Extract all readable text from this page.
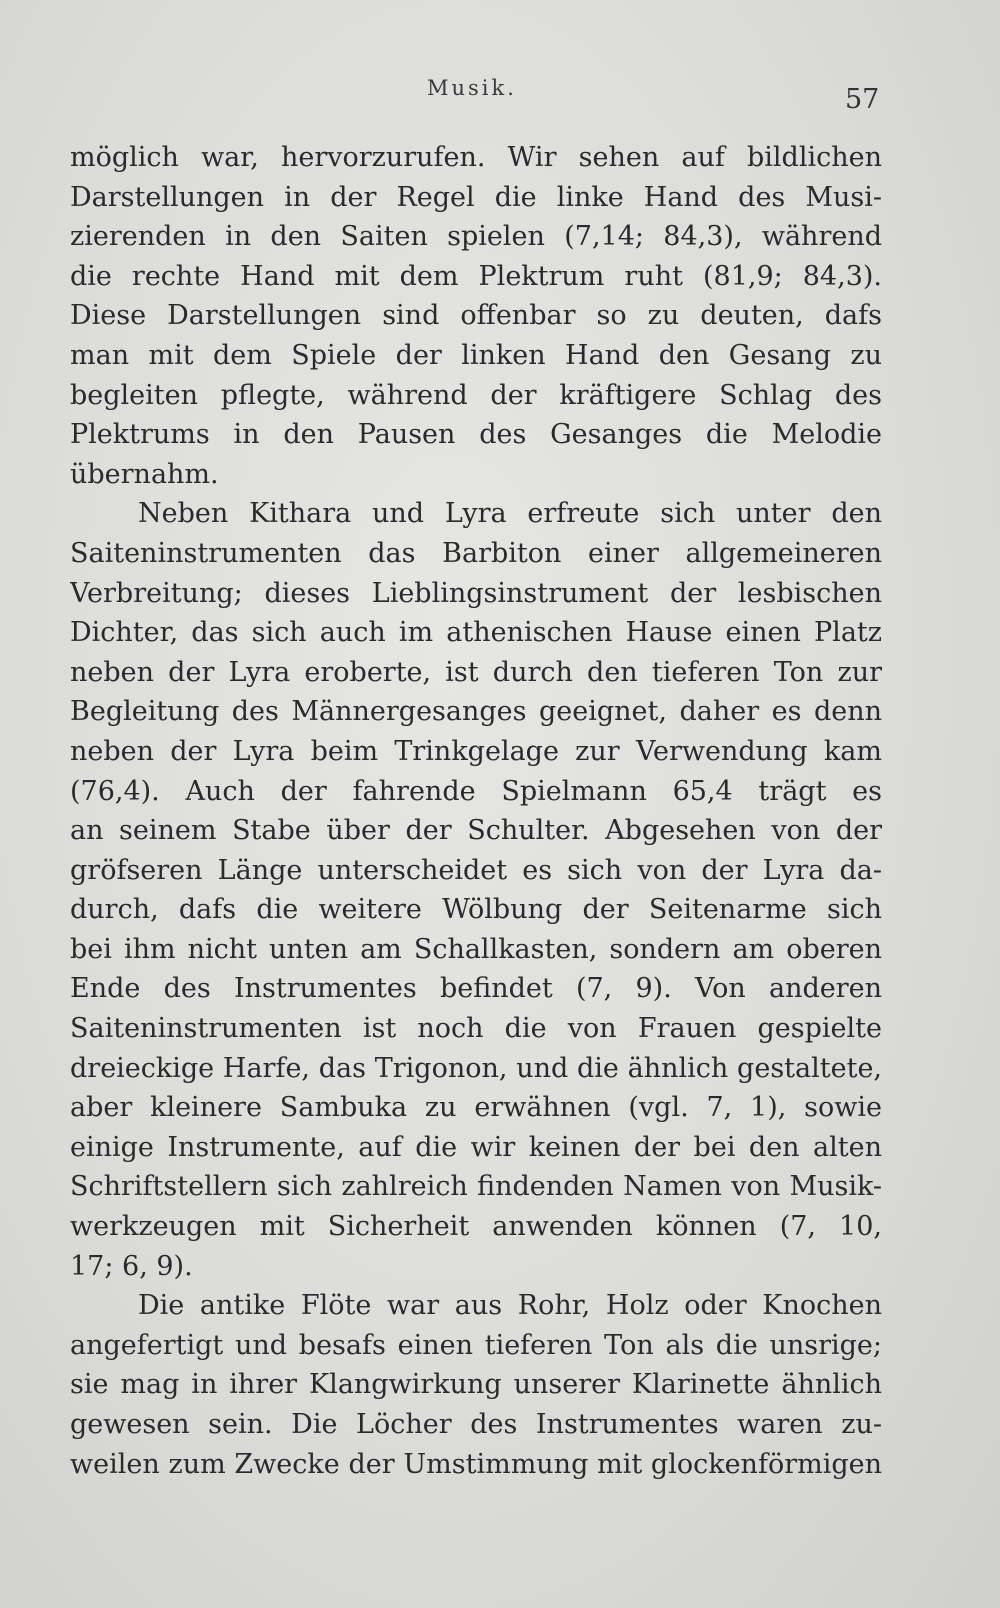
Musik.	57
möglich war, hervorzurufen. Wir sehen auf bildlichen
Darstellungen in der Regel die linke Hand des Musi-
zierenden in den Saiten spielen (7,14; 84,3), während
die rechte Hand mit dem Plektrum ruht (81,9; 84,3).
Diese Darstellungen sind offenbar so zu deuten, dafs
man mit dem Spiele der linken Hand den Gesang zu
begleiten pflegte, während der kräftigere Schlag des
Plektrums in den Pausen des Gesanges die Melodie
übernahm.
Neben Kithara und Lyra erfreute sich unter den
Saiteninstrumenten das Barbiton einer allgemeineren
Verbreitung; dieses Lieblingsinstrument der lesbischen
Dichter, das sich auch im athenischen Hause einen Platz
neben der Lyra eroberte, ist durch den tieferen Ton zur
Begleitung des Männergesanges geeignet, daher es denn
neben der Lyra beim Trinkgelage zur Verwendung kam
(76,4). Auch der fahrende Spielmann 65,4 trägt es
an seinem Stabe über der Schulter. Abgesehen von der
gröfseren Länge unterscheidet es sich von der Lyra da-
durch, dafs die weitere Wölbung der Seitenarme sich
bei ihm nicht unten am Schallkasten, sondern am oberen
Ende des Instrumentes befindet (7, 9). Von anderen
Saiteninstrumenten ist noch die von Frauen gespielte
dreieckige Harfe, das Trigonon, und die ähnlich gestaltete,
aber kleinere Sambuka zu erwähnen (vgl. 7, 1), sowie
einige Instrumente, auf die wir keinen der bei den alten
Schriftstellern sich zahlreich findenden Namen von Musik-
werkzeugen mit Sicherheit anwenden können (7, 10,
17; 6, 9).
Die antike Flöte war aus Rohr, Holz oder Knochen
angefertigt und besafs einen tieferen Ton als die unsrige;
sie mag in ihrer Klangwirkung unserer Klarinette ähnlich
gewesen sein. Die Löcher des Instrumentes waren zu-
weilen zum Zwecke der Umstimmung mit glockenförmigen
